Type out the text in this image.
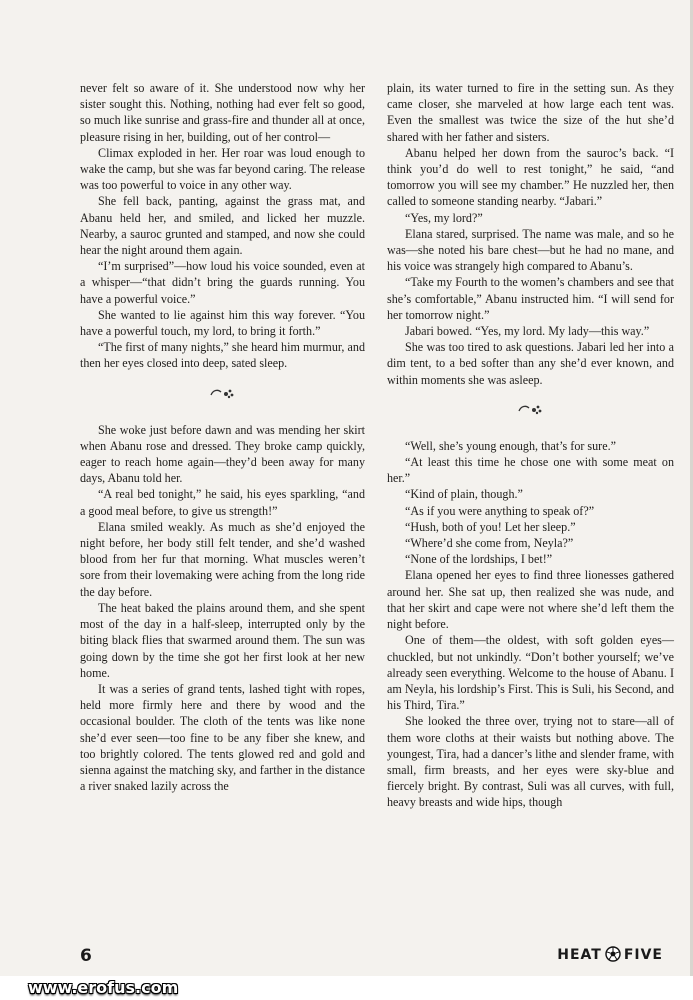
never felt so aware of it. She understood now why her sister sought this. Nothing, nothing had ever felt so good, so much like sunrise and grass-fire and thunder all at once, pleasure rising in her, building, out of her control—

Climax exploded in her. Her roar was loud enough to wake the camp, but she was far beyond caring. The release was too powerful to voice in any other way.

She fell back, panting, against the grass mat, and Abanu held her, and smiled, and licked her muzzle. Nearby, a sauroc grunted and stamped, and now she could hear the night around them again.

“I’m surprised”—how loud his voice sounded, even at a whisper—“that didn’t bring the guards running. You have a powerful voice.”

She wanted to lie against him this way forever. “You have a powerful touch, my lord, to bring it forth.”

“The first of many nights,” she heard him murmur, and then her eyes closed into deep, sated sleep.

She woke just before dawn and was mending her skirt when Abanu rose and dressed. They broke camp quickly, eager to reach home again—they’d been away for many days, Abanu told her.

“A real bed tonight,” he said, his eyes sparkling, “and a good meal before, to give us strength!”

Elana smiled weakly. As much as she’d enjoyed the night before, her body still felt tender, and she’d washed blood from her fur that morning. What muscles weren’t sore from their lovemaking were aching from the long ride the day before.

The heat baked the plains around them, and she spent most of the day in a half-sleep, interrupted only by the biting black flies that swarmed around them. The sun was going down by the time she got her first look at her new home.

It was a series of grand tents, lashed tight with ropes, held more firmly here and there by wood and the occasional boulder. The cloth of the tents was like none she’d ever seen—too fine to be any fiber she knew, and too brightly colored. The tents glowed red and gold and sienna against the matching sky, and farther in the distance a river snaked lazily across the

plain, its water turned to fire in the setting sun. As they came closer, she marveled at how large each tent was. Even the smallest was twice the size of the hut she’d shared with her father and sisters.

Abanu helped her down from the sauroc’s back. “I think you’d do well to rest tonight,” he said, “and tomorrow you will see my chamber.” He nuzzled her, then called to someone standing nearby. “Jabari.”

“Yes, my lord?”

Elana stared, surprised. The name was male, and so he was—she noted his bare chest—but he had no mane, and his voice was strangely high compared to Abanu’s.

“Take my Fourth to the women’s chambers and see that she’s comfortable,” Abanu instructed him. “I will send for her tomorrow night.”

Jabari bowed. “Yes, my lord. My lady—this way.”

She was too tired to ask questions. Jabari led her into a dim tent, to a bed softer than any she’d ever known, and within moments she was asleep.

“Well, she’s young enough, that’s for sure.”

“At least this time he chose one with some meat on her.”

“Kind of plain, though.”

“As if you were anything to speak of?”

“Hush, both of you! Let her sleep.”

“Where’d she come from, Neyla?”

“None of the lordships, I bet!”

Elana opened her eyes to find three lionesses gathered around her. She sat up, then realized she was nude, and that her skirt and cape were not where she’d left them the night before.

One of them—the oldest, with soft golden eyes—chuckled, but not unkindly. “Don’t bother yourself; we’ve already seen everything. Welcome to the house of Abanu. I am Neyla, his lordship’s First. This is Suli, his Second, and his Third, Tira.”

She looked the three over, trying not to stare—all of them wore cloths at their waists but nothing above. The youngest, Tira, had a dancer’s lithe and slender frame, with small, firm breasts, and her eyes were sky-blue and fiercely bright. By contrast, Suli was all curves, with full, heavy breasts and wide hips, though

6	HEAT FIVE
www.erofus.com
